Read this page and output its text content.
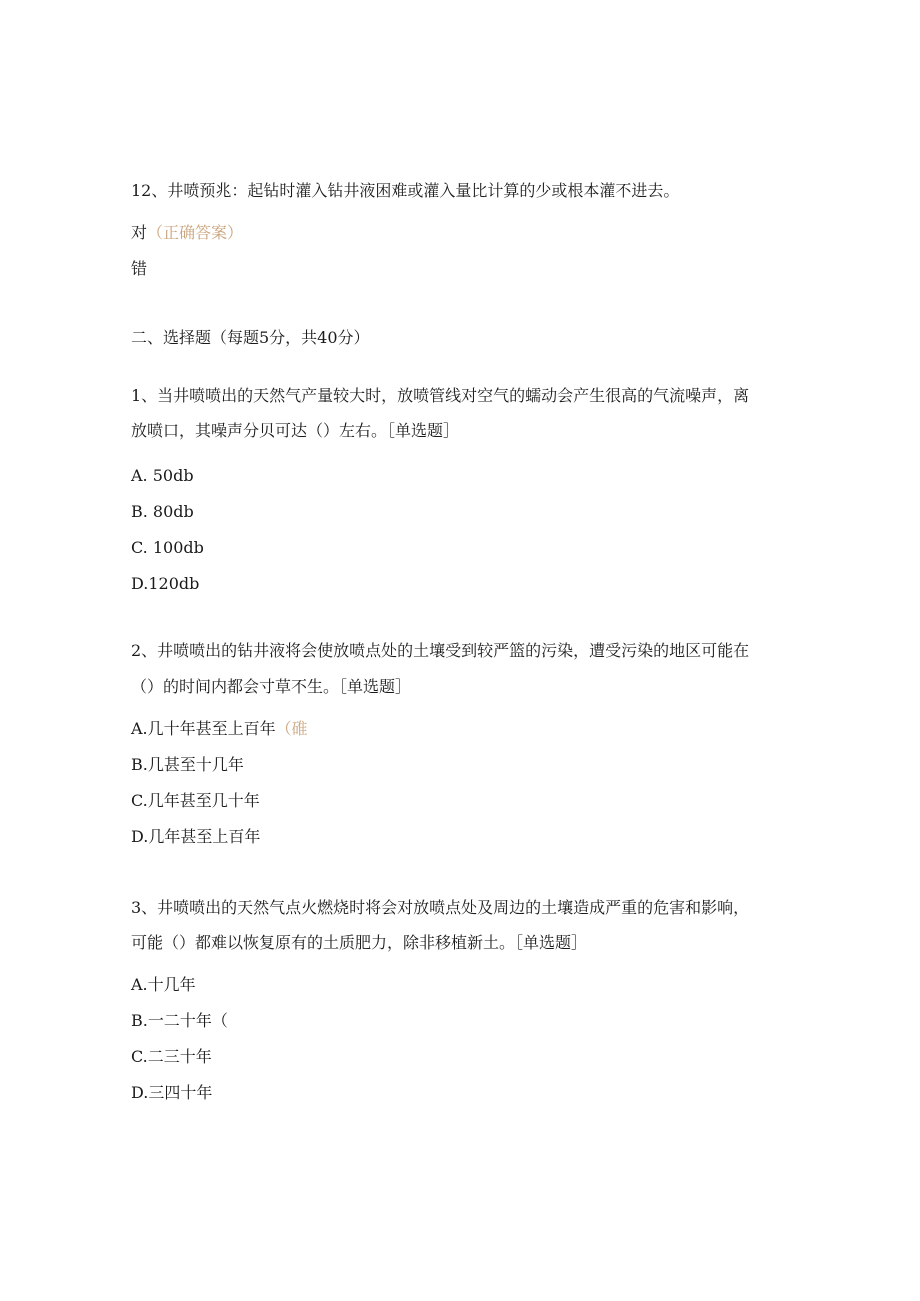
12、井喷预兆：起钻时灌入钻井液困难或灌入量比计算的少或根本灌不进去。
对（正确答案）
错
二、选择题（每题5分，共40分）
1、当井喷喷出的天然气产量较大时，放喷管线对空气的蠕动会产生很高的气流噪声，离
放喷口，其噪声分贝可达（）左右。［单选题］
A. 50db
B. 80db
C. 100db
D.120db
2、井喷喷出的钻井液将会使放喷点处的土壤受到较严篮的污染，遭受污染的地区可能在
（）的时间内都会寸草不生。［单选题］
A.几十年甚至上百年（碓
B.几甚至十几年
C.几年甚至几十年
D.几年甚至上百年
3、井喷喷出的天然气点火燃烧时将会对放喷点处及周边的土壤造成严重的危害和影响，
可能（）都难以恢复原有的土质肥力，除非移植新土。［单选题］
A.十几年
B.一二十年（
C.二三十年
D.三四十年
